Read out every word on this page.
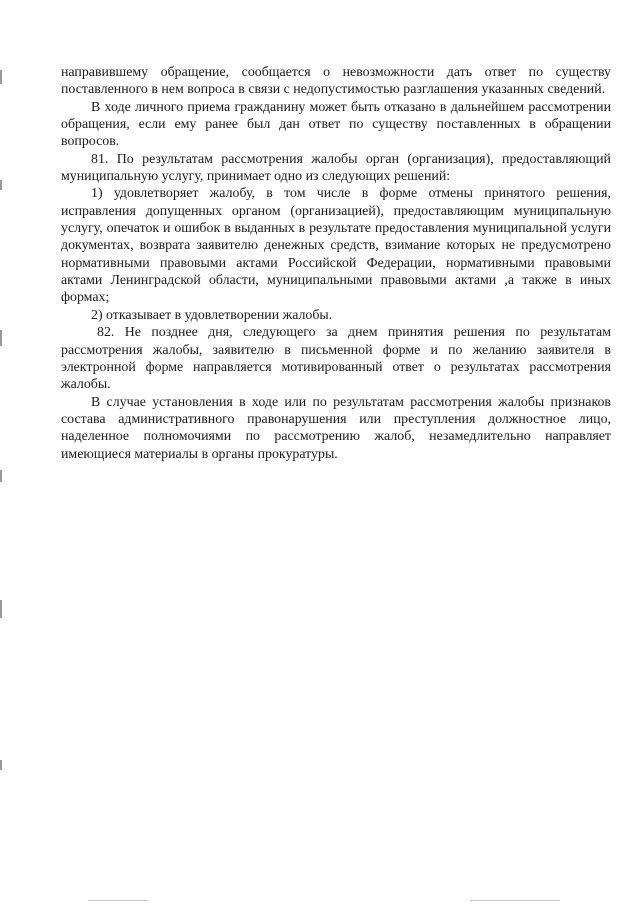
направившему обращение, сообщается о невозможности дать ответ по существу поставленного в нем вопроса в связи с недопустимостью разглашения указанных сведений.

В ходе личного приема гражданину может быть отказано в дальнейшем рассмотрении обращения, если ему ранее был дан ответ по существу поставленных в обращении вопросов.

81. По результатам рассмотрения жалобы орган (организация), предоставляющий муниципальную услугу, принимает одно из следующих решений:

1) удовлетворяет жалобу, в том числе в форме отмены принятого решения, исправления допущенных органом (организацией), предоставляющим муниципальную услугу, опечаток и ошибок в выданных в результате предоставления муниципальной услуги документах, возврата заявителю денежных средств, взимание которых не предусмотрено нормативными правовыми актами Российской Федерации, нормативными правовыми актами Ленинградской области, муниципальными правовыми актами ,а также в иных формах;

2) отказывает в удовлетворении жалобы.

82. Не позднее дня, следующего за днем принятия решения по результатам рассмотрения жалобы, заявителю в письменной форме и по желанию заявителя в электронной форме направляется мотивированный ответ о результатах рассмотрения жалобы.

В случае установления в ходе или по результатам рассмотрения жалобы признаков состава административного правонарушения или преступления должностное лицо, наделенное полномочиями по рассмотрению жалоб, незамедлительно направляет имеющиеся материалы в органы прокуратуры.
